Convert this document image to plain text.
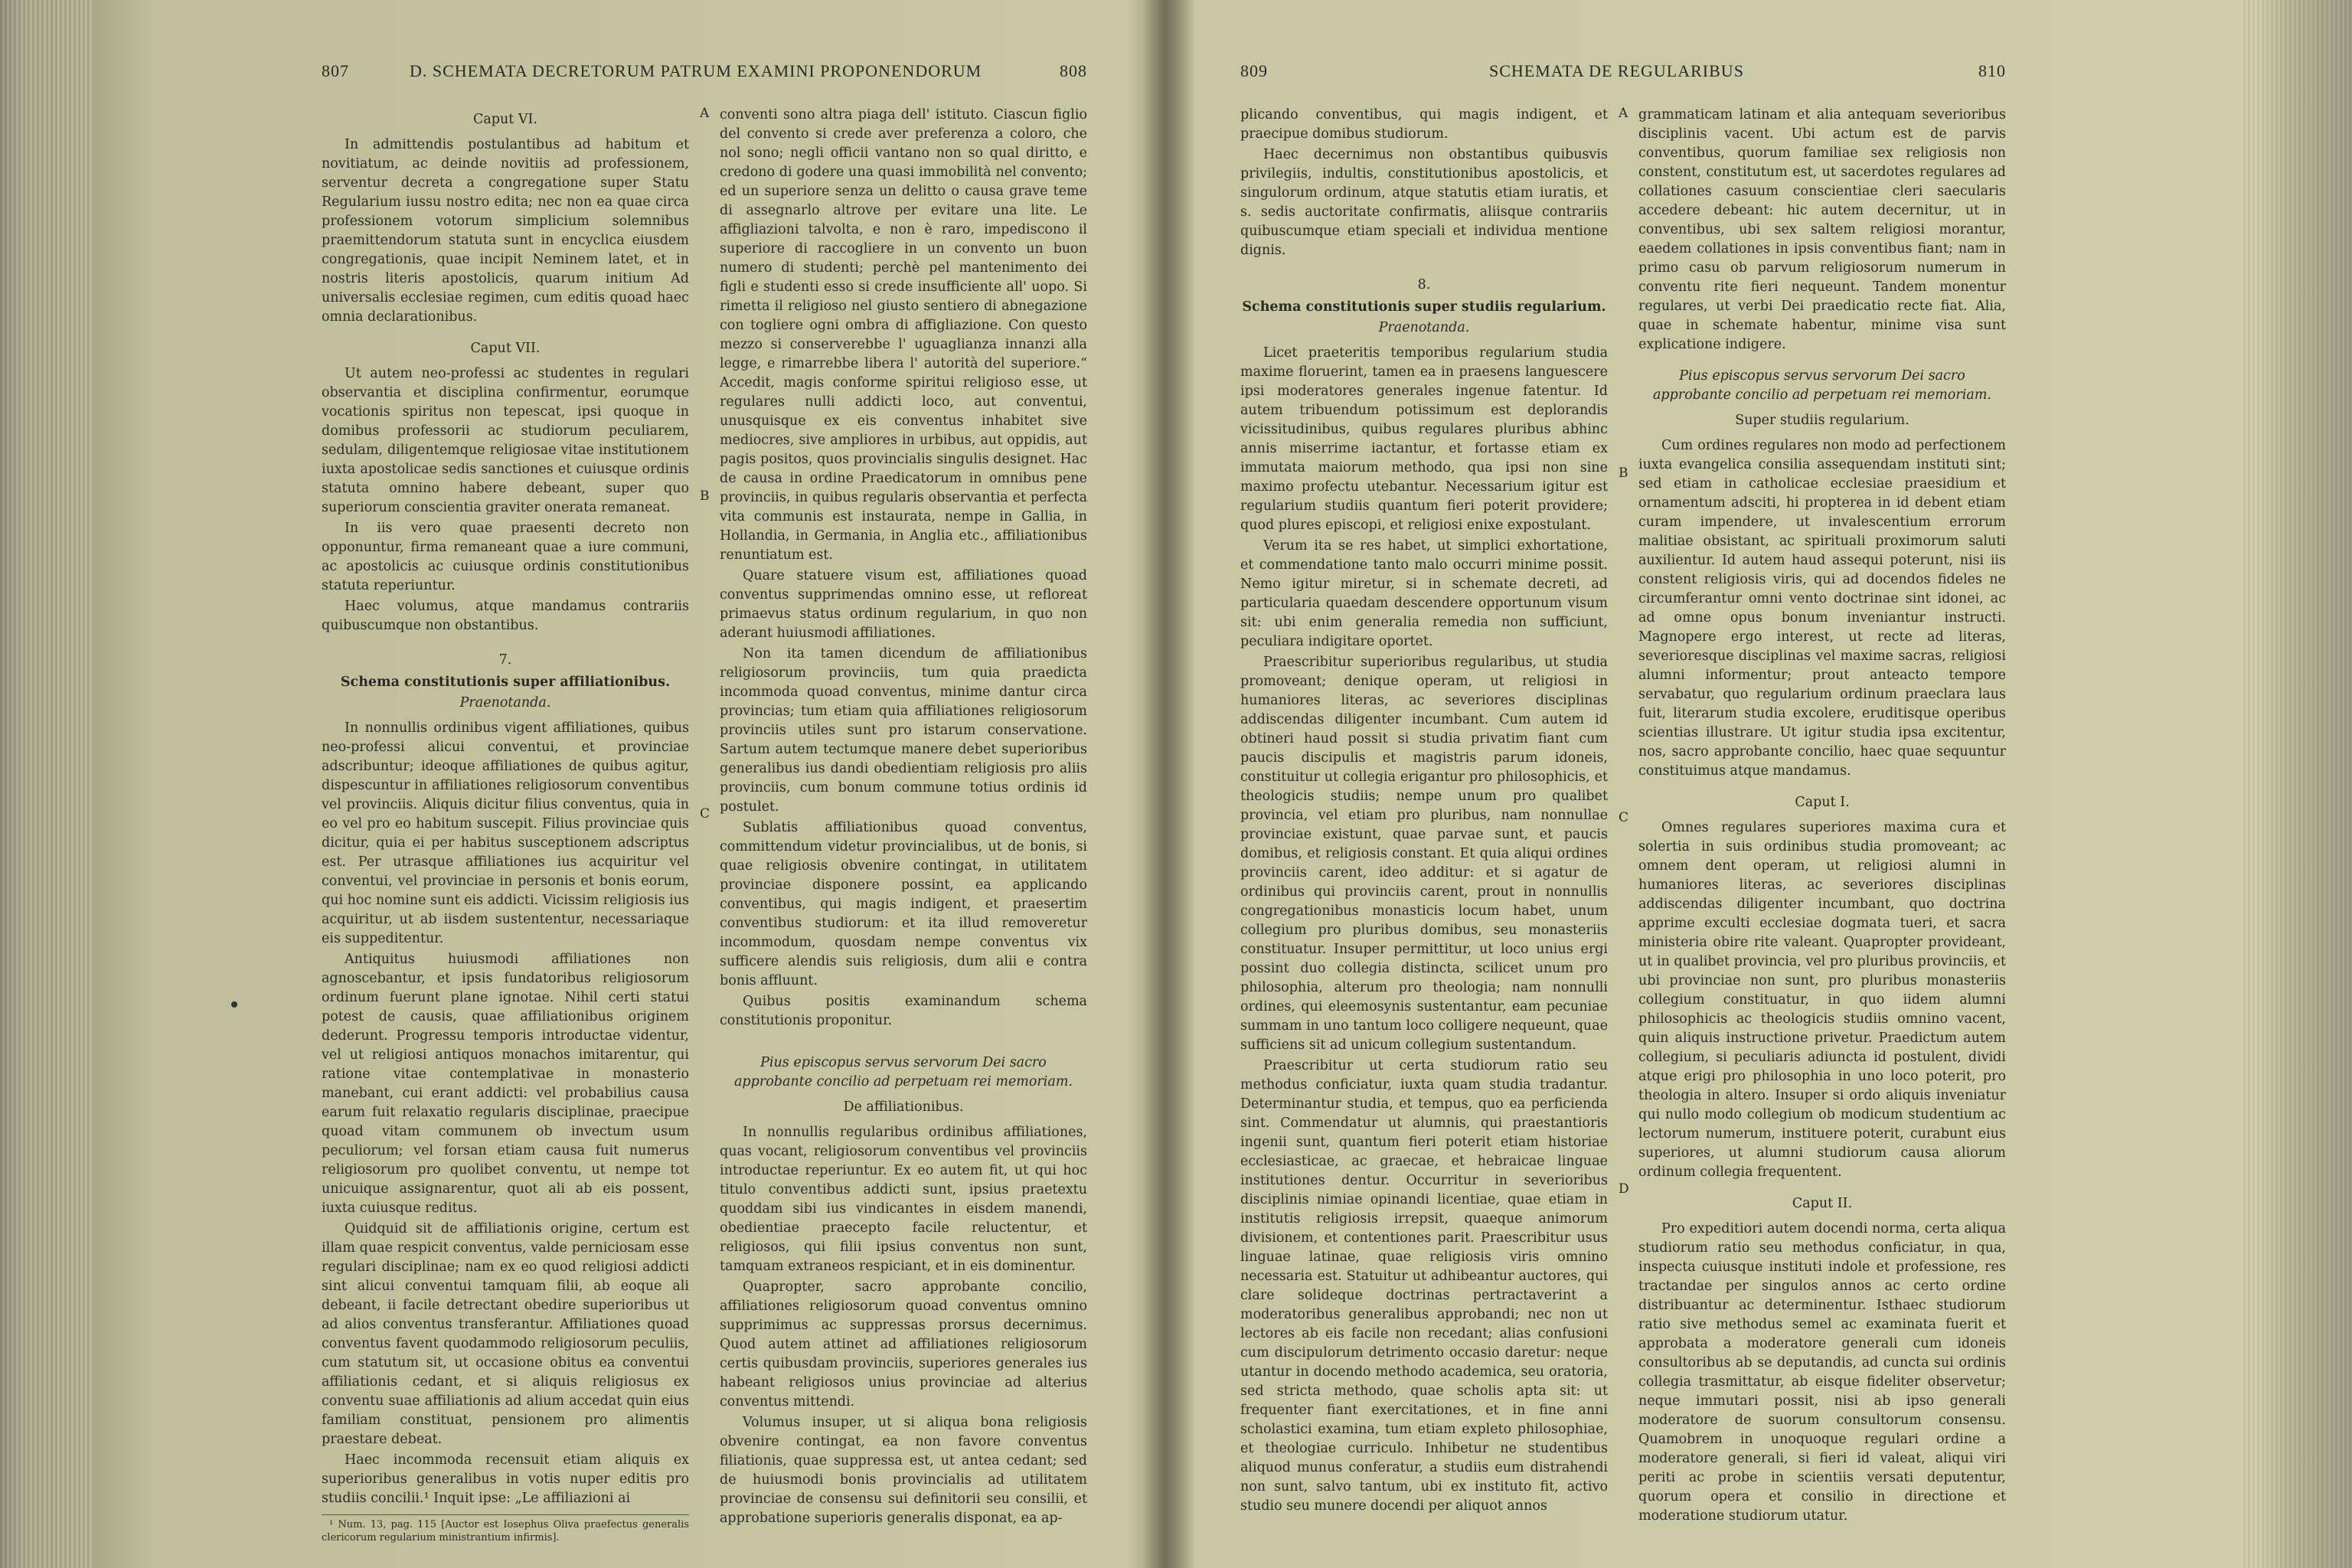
807	D. SCHEMATA DECRETORUM PATRUM EXAMINI PROPONENDORUM	808
Caput VI.

In admittendis postulantibus ad habitum et novitiatum, ac deinde novitiis ad professionem, serventur decreta a congregatione super Statu Regularium iussu nostro edita; nec non ea quae circa professionem votorum simplicium solemnibus praemittendorum statuta sunt in encyclica eiusdem congregationis, quae incipit Neminem latet, et in nostris literis apostolicis, quarum initium Ad universalis ecclesiae regimen, cum editis quoad haec omnia declarationibus.

Caput VII.

Ut autem neo-professi ac studentes in regulari observantia et disciplina confirmentur, eorumque vocationis spiritus non tepescat, ipsi quoque in domibus professorii ac studiorum peculiarem, sedulam, diligentemque religiosae vitae institutionem iuxta apostolicae sedis sanctiones et cuiusque ordinis statuta omnino habere debeant, super quo superiorum conscientia graviter onerata remaneat.

In iis vero quae praesenti decreto non opponuntur, firma remaneant quae a iure communi, ac apostolicis ac cuiusque ordinis constitutionibus statuta reperiuntur.

Haec volumus, atque mandamus contrariis quibuscumque non obstantibus.

7.
Schema constitutionis super affiliationibus.
Praenotanda.

In nonnullis ordinibus vigent affiliationes, quibus neo-professi alicui conventui, et provinciae adscribuntur; ideoque affiliationes de quibus agitur, dispescuntur in affiliationes religiosorum conventibus vel provinciis. Aliquis dicitur filius conventus, quia in eo vel pro eo habitum suscepit. Filius provinciae quis dicitur, quia ei per habitus susceptionem adscriptus est. Per utrasque affiliationes ius acquiritur vel conventui, vel provinciae in personis et bonis eorum, qui hoc nomine sunt eis addicti. Vicissim religiosis ius acquiritur, ut ab iisdem sustententur, necessariaque eis suppeditentur.

Antiquitus huiusmodi affiliationes non agnoscebantur, et ipsis fundatoribus religiosorum ordinum fuerunt plane ignotae. Nihil certi statui potest de causis, quae affiliationibus originem dederunt. Progressu temporis introductae videntur, vel ut religiosi antiquos monachos imitarentur, qui ratione vitae contemplativae in monasterio manebant, cui erant addicti: vel probabilius causa earum fuit relaxatio regularis disciplinae, praecipue quoad vitam communem ob invectum usum peculiorum; vel forsan etiam causa fuit numerus religiosorum pro quolibet conventu, ut nempe tot unicuique assignarentur, quot ali ab eis possent, iuxta cuiusque reditus.

Quidquid sit de affiliationis origine, certum est illam quae respicit conventus, valde perniciosam esse regulari disciplinae; nam ex eo quod religiosi addicti sint alicui conventui tamquam filii, ab eoque ali debeant, ii facile detrectant obedire superioribus ut ad alios conventus transferantur. Affiliationes quoad conventus favent quodammodo religiosorum peculiis, cum statutum sit, ut occasione obitus ea conventui affiliationis cedant, et si aliquis religiosus ex conventu suae affiliationis ad alium accedat quin eius familiam constituat, pensionem pro alimentis praestare debeat.

Haec incommoda recensuit etiam aliquis ex superioribus generalibus in votis nuper editis pro studiis concilii.¹ Inquit ipse: „Le affiliazioni ai

¹ Num. 13, pag. 115 [Auctor est Iosephus Oliva praefectus generalis clericorum regularium ministrantium infirmis].

conventi sono altra piaga dell' istituto. Ciascun figlio del convento si crede aver preferenza a coloro, che nol sono; negli officii vantano non so qual diritto, e credono di godere una quasi immobilità nel convento; ed un superiore senza un delitto o causa grave teme di assegnarlo altrove per evitare una lite. Le affigliazioni talvolta, e non è raro, impediscono il superiore di raccogliere in un convento un buon numero di studenti; perchè pel mantenimento dei figli e studenti esso si crede insufficiente all' uopo. Si rimetta il religioso nel giusto sentiero di abnegazione con togliere ogni ombra di affigliazione. Con questo mezzo si conserverebbe l' uguaglianza innanzi alla legge, e rimarrebbe libera l' autorità del superiore.“ Accedit, magis conforme spiritui religioso esse, ut regulares nulli addicti loco, aut conventui, unusquisque ex eis conventus inhabitet sive mediocres, sive ampliores in urbibus, aut oppidis, aut pagis positos, quos provincialis singulis designet. Hac de causa in ordine Praedicatorum in omnibus pene provinciis, in quibus regularis observantia et perfecta vita communis est instaurata, nempe in Gallia, in Hollandia, in Germania, in Anglia etc., affiliationibus renuntiatum est.

Quare statuere visum est, affiliationes quoad conventus supprimendas omnino esse, ut refloreat primaevus status ordinum regularium, in quo non aderant huiusmodi affiliationes.

Non ita tamen dicendum de affiliationibus religiosorum provinciis, tum quia praedicta incommoda quoad conventus, minime dantur circa provincias; tum etiam quia affiliationes religiosorum provinciis utiles sunt pro istarum conservatione. Sartum autem tectumque manere debet superioribus generalibus ius dandi obedientiam religiosis pro aliis provinciis, cum bonum commune totius ordinis id postulet.

Sublatis affiliationibus quoad conventus, committendum videtur provincialibus, ut de bonis, si quae religiosis obvenire contingat, in utilitatem provinciae disponere possint, ea applicando conventibus, qui magis indigent, et praesertim conventibus studiorum: et ita illud removeretur incommodum, quosdam nempe conventus vix sufficere alendis suis religiosis, dum alii e contra bonis affluunt.

Quibus positis examinandum schema constitutionis proponitur.

Pius episcopus servus servorum Dei sacro approbante concilio ad perpetuam rei memoriam.
De affiliationibus.

In nonnullis regularibus ordinibus affiliationes, quas vocant, religiosorum conventibus vel provinciis introductae reperiuntur. Ex eo autem fit, ut qui hoc titulo conventibus addicti sunt, ipsius praetextu quoddam sibi ius vindicantes in eisdem manendi, obedientiae praecepto facile reluctentur, et religiosos, qui filii ipsius conventus non sunt, tamquam extraneos respiciant, et in eis dominentur.

Quapropter, sacro approbante concilio, affiliationes religiosorum quoad conventus omnino supprimimus ac suppressas prorsus decernimus. Quod autem attinet ad affiliationes religiosorum certis quibusdam provinciis, superiores generales ius habeant religiosos unius provinciae ad alterius conventus mittendi.

Volumus insuper, ut si aliqua bona religiosis obvenire contingat, ea non favore conventus filiationis, quae suppressa est, ut antea cedant; sed de huiusmodi bonis provincialis ad utilitatem provinciae de consensu sui definitorii seu consilii, et approbatione superioris generalis disponat, ea ap-

A
B
C
809	SCHEMATA DE REGULARIBUS	810

plicando conventibus, qui magis indigent, et praecipue domibus studiorum.

Haec decernimus non obstantibus quibusvis privilegiis, indultis, constitutionibus apostolicis, et singulorum ordinum, atque statutis etiam iuratis, et s. sedis auctoritate confirmatis, aliisque contrariis quibuscumque etiam speciali et individua mentione dignis.

8.
Schema constitutionis super studiis regularium.
Praenotanda.

Licet praeteritis temporibus regularium studia maxime floruerint, tamen ea in praesens languescere ipsi moderatores generales ingenue fatentur. Id autem tribuendum potissimum est deplorandis vicissitudinibus, quibus regulares pluribus abhinc annis miserrime iactantur, et fortasse etiam ex immutata maiorum methodo, qua ipsi non sine maximo profectu utebantur. Necessarium igitur est regularium studiis quantum fieri poterit providere; quod plures episcopi, et religiosi enixe expostulant.

Verum ita se res habet, ut simplici exhortatione, et commendatione tanto malo occurri minime possit. Nemo igitur miretur, si in schemate decreti, ad particularia quaedam descendere opportunum visum sit: ubi enim generalia remedia non sufficiunt, peculiara indigitare oportet.

Praescribitur superioribus regularibus, ut studia promoveant; denique operam, ut religiosi in humaniores literas, ac severiores disciplinas addiscendas diligenter incumbant. Cum autem id obtineri haud possit si studia privatim fiant cum paucis discipulis et magistris parum idoneis, constituitur ut collegia erigantur pro philosophicis, et theologicis studiis; nempe unum pro qualibet provincia, vel etiam pro pluribus, nam nonnullae provinciae existunt, quae parvae sunt, et paucis domibus, et religiosis constant. Et quia aliqui ordines provinciis carent, ideo additur: et si agatur de ordinibus qui provinciis carent, prout in nonnullis congregationibus monasticis locum habet, unum collegium pro pluribus domibus, seu monasteriis constituatur. Insuper permittitur, ut loco unius ergi possint duo collegia distincta, scilicet unum pro philosophia, alterum pro theologia; nam nonnulli ordines, qui eleemosynis sustentantur, eam pecuniae summam in uno tantum loco colligere nequeunt, quae sufficiens sit ad unicum collegium sustentandum.

Praescribitur ut certa studiorum ratio seu methodus conficiatur, iuxta quam studia tradantur. Determinantur studia, et tempus, quo ea perficienda sint. Commendatur ut alumnis, qui praestantioris ingenii sunt, quantum fieri poterit etiam historiae ecclesiasticae, ac graecae, et hebraicae linguae institutiones dentur. Occurritur in severioribus disciplinis nimiae opinandi licentiae, quae etiam in institutis religiosis irrepsit, quaeque animorum divisionem, et contentiones parit. Praescribitur usus linguae latinae, quae religiosis viris omnino necessaria est. Statuitur ut adhibeantur auctores, qui clare solideque doctrinas pertractaverint a moderatoribus generalibus approbandi; nec non ut lectores ab eis facile non recedant; alias confusioni cum discipulorum detrimento occasio daretur: neque utantur in docendo methodo academica, seu oratoria, sed stricta methodo, quae scholis apta sit: ut frequenter fiant exercitationes, et in fine anni scholastici examina, tum etiam expleto philosophiae, et theologiae curriculo. Inhibetur ne studentibus aliquod munus conferatur, a studiis eum distrahendi non sunt, salvo tantum, ubi ex instituto fit, activo studio seu munere docendi per aliquot annos

grammaticam latinam et alia antequam severioribus disciplinis vacent. Ubi actum est de parvis conventibus, quorum familiae sex religiosis non constent, constitutum est, ut sacerdotes regulares ad collationes casuum conscientiae cleri saecularis accedere debeant: hic autem decernitur, ut in conventibus, ubi sex saltem religiosi morantur, eaedem collationes in ipsis conventibus fiant; nam in primo casu ob parvum religiosorum numerum in conventu rite fieri nequeunt. Tandem monentur regulares, ut verbi Dei praedicatio recte fiat. Alia, quae in schemate habentur, minime visa sunt explicatione indigere.

Pius episcopus servus servorum Dei sacro approbante concilio ad perpetuam rei memoriam.
Super studiis regularium.

Cum ordines regulares non modo ad perfectionem iuxta evangelica consilia assequendam instituti sint; sed etiam in catholicae ecclesiae praesidium et ornamentum adsciti, hi propterea in id debent etiam curam impendere, ut invalescentium errorum malitiae obsistant, ac spirituali proximorum saluti auxilientur. Id autem haud assequi poterunt, nisi iis constent religiosis viris, qui ad docendos fideles ne circumferantur omni vento doctrinae sint idonei, ac ad omne opus bonum inveniantur instructi. Magnopere ergo interest, ut recte ad literas, severioresque disciplinas vel maxime sacras, religiosi alumni informentur; prout anteacto tempore servabatur, quo regularium ordinum praeclara laus fuit, literarum studia excolere, eruditisque operibus scientias illustrare. Ut igitur studia ipsa excitentur, nos, sacro approbante concilio, haec quae sequuntur constituimus atque mandamus.

Caput I.

Omnes regulares superiores maxima cura et solertia in suis ordinibus studia promoveant; ac omnem dent operam, ut religiosi alumni in humaniores literas, ac severiores disciplinas addiscendas diligenter incumbant, quo doctrina apprime exculti ecclesiae dogmata tueri, et sacra ministeria obire rite valeant. Quapropter provideant, ut in qualibet provincia, vel pro pluribus provinciis, et ubi provinciae non sunt, pro pluribus monasteriis collegium constituatur, in quo iidem alumni philosophicis ac theologicis studiis omnino vacent, quin aliquis instructione privetur. Praedictum autem collegium, si peculiaris adiuncta id postulent, dividi atque erigi pro philosophia in uno loco poterit, pro theologia in altero. Insuper si ordo aliquis inveniatur qui nullo modo collegium ob modicum studentium ac lectorum numerum, instituere poterit, curabunt eius superiores, ut alumni studiorum causa aliorum ordinum collegia frequentent.

Caput II.

Pro expeditiori autem docendi norma, certa aliqua studiorum ratio seu methodus conficiatur, in qua, inspecta cuiusque instituti indole et professione, res tractandae per singulos annos ac certo ordine distribuantur ac determinentur. Isthaec studiorum ratio sive methodus semel ac examinata fuerit et approbata a moderatore generali cum idoneis consultoribus ab se deputandis, ad cuncta sui ordinis collegia trasmittatur, ab eisque fideliter observetur; neque immutari possit, nisi ab ipso generali moderatore de suorum consultorum consensu. Quamobrem in unoquoque regulari ordine a moderatore generali, si fieri id valeat, aliqui viri periti ac probe in scientiis versati deputentur, quorum opera et consilio in directione et moderatione studiorum utatur.

A
B
C
D
